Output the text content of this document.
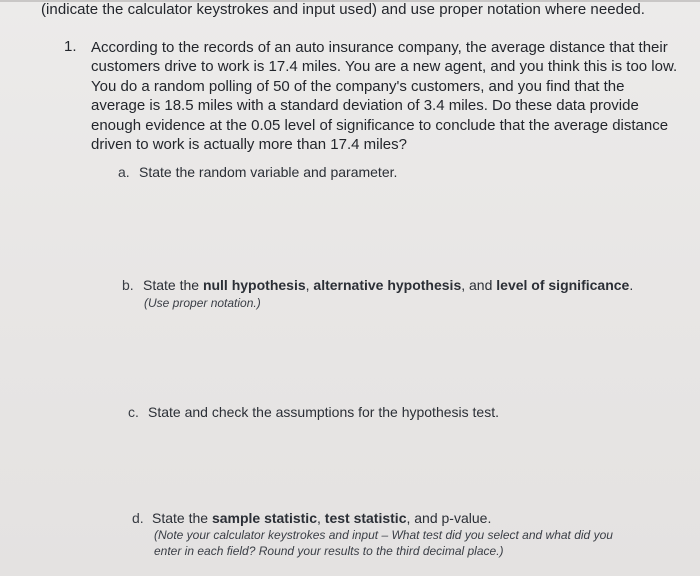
(indicate the calculator keystrokes and input used) and use proper notation where needed.
1. According to the records of an auto insurance company, the average distance that their
customers drive to work is 17.4 miles. You are a new agent, and you think this is too low.
You do a random polling of 50 of the company's customers, and you find that the
average is 18.5 miles with a standard deviation of 3.4 miles. Do these data provide
enough evidence at the 0.05 level of significance to conclude that the average distance
driven to work is actually more than 17.4 miles?
a. State the random variable and parameter.
b. State the null hypothesis, alternative hypothesis, and level of significance.
(Use proper notation.)
c. State and check the assumptions for the hypothesis test.
d. State the sample statistic, test statistic, and p-value.
(Note your calculator keystrokes and input – What test did you select and what did you
enter in each field? Round your results to the third decimal place.)
